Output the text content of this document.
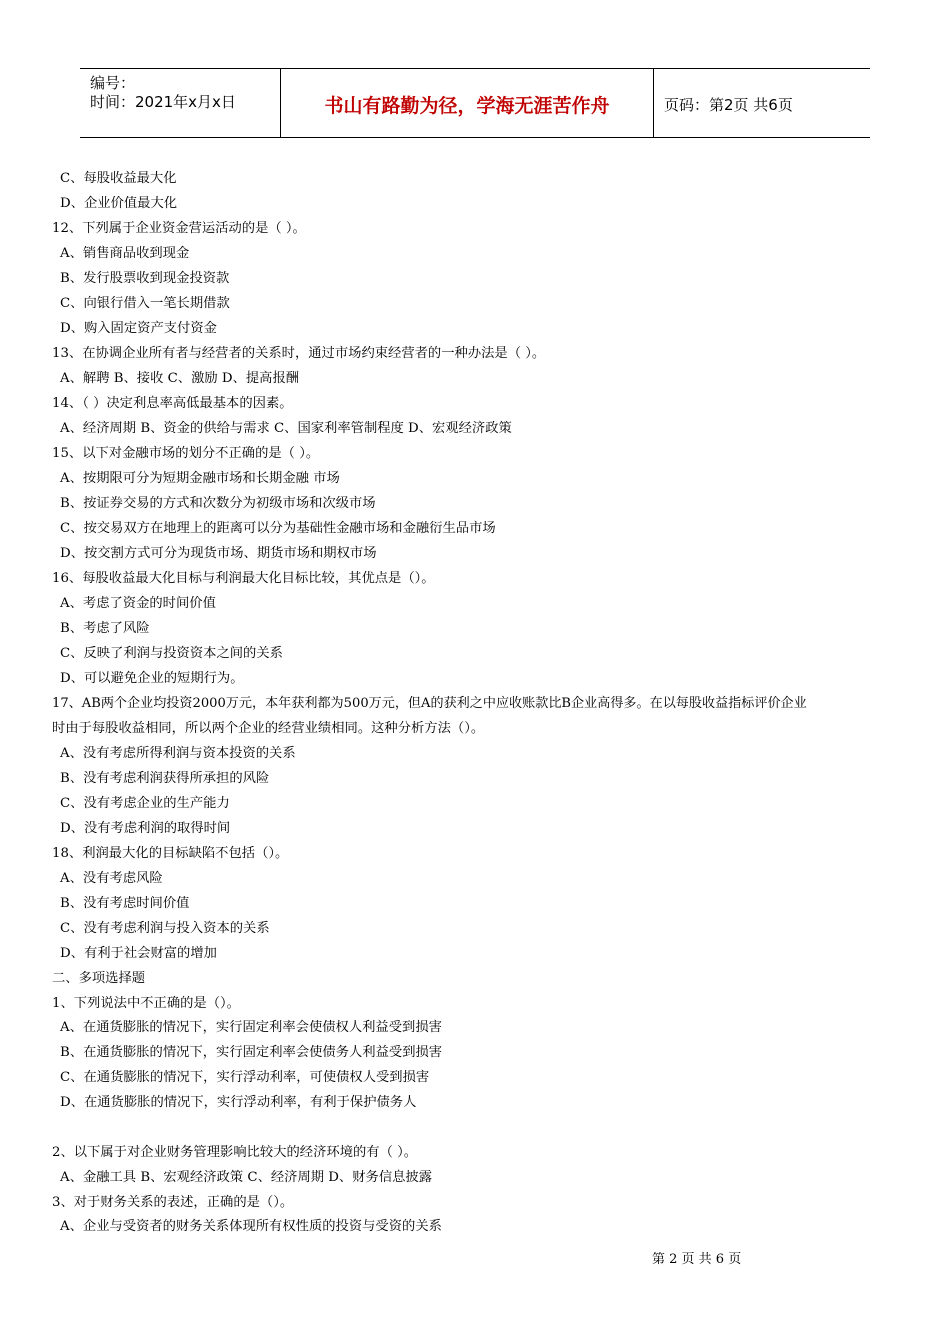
编号：
时间：2021年x月x日	书山有路勤为径，学海无涯苦作舟	页码：第2页 共6页
C、每股收益最大化
D、企业价值最大化
12、下列属于企业资金营运活动的是（ ）。
A、销售商品收到现金
B、发行股票收到现金投资款
C、向银行借入一笔长期借款
D、购入固定资产支付资金
13、在协调企业所有者与经营者的关系时，通过市场约束经营者的一种办法是（ ）。
A、解聘 B、接收 C、激励 D、提高报酬
14、（ ）决定利息率高低最基本的因素。
A、经济周期 B、资金的供给与需求 C、国家利率管制程度 D、宏观经济政策
15、以下对金融市场的划分不正确的是（ ）。
A、按期限可分为短期金融市场和长期金融 市场
B、按证券交易的方式和次数分为初级市场和次级市场
C、按交易双方在地理上的距离可以分为基础性金融市场和金融衍生品市场
D、按交割方式可分为现货市场、期货市场和期权市场
16、每股收益最大化目标与利润最大化目标比较，其优点是（）。
A、考虑了资金的时间价值
B、考虑了风险
C、反映了利润与投资资本之间的关系
D、可以避免企业的短期行为。
17、AB两个企业均投资2000万元，本年获利都为500万元，但A的获利之中应收账款比B企业高得多。在以每股收益指标评价企业
时由于每股收益相同，所以两个企业的经营业绩相同。这种分析方法（）。
A、没有考虑所得利润与资本投资的关系
B、没有考虑利润获得所承担的风险
C、没有考虑企业的生产能力
D、没有考虑利润的取得时间
18、利润最大化的目标缺陷不包括（）。
A、没有考虑风险
B、没有考虑时间价值
C、没有考虑利润与投入资本的关系
D、有利于社会财富的增加
二、多项选择题
1、下列说法中不正确的是（）。
A、在通货膨胀的情况下，实行固定利率会使债权人利益受到损害
B、在通货膨胀的情况下，实行固定利率会使债务人利益受到损害
C、在通货膨胀的情况下，实行浮动利率，可使债权人受到损害
D、在通货膨胀的情况下，实行浮动利率，有利于保护债务人
2、以下属于对企业财务管理影响比较大的经济环境的有（ ）。
A、金融工具 B、宏观经济政策 C、经济周期 D、财务信息披露
3、对于财务关系的表述，正确的是（）。
A、企业与受资者的财务关系体现所有权性质的投资与受资的关系
第 2 页 共 6 页
